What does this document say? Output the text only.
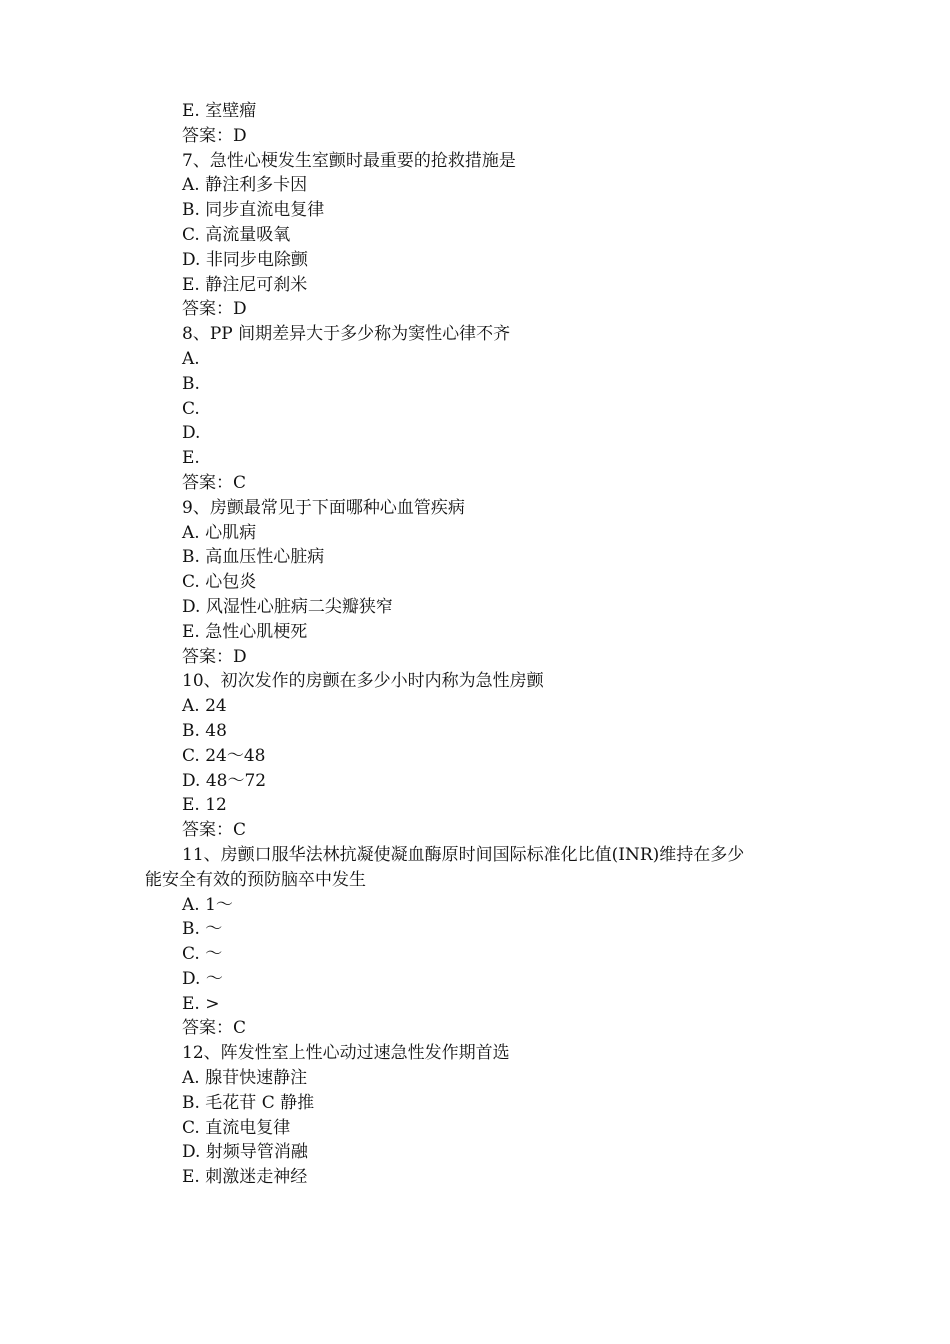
E. 室壁瘤
答案：D
7、急性心梗发生室颤时最重要的抢救措施是
A. 静注利多卡因
B. 同步直流电复律
C. 高流量吸氧
D. 非同步电除颤
E. 静注尼可刹米
答案：D
8、PP 间期差异大于多少称为窦性心律不齐
A.
B.
C.
D.
E.
答案：C
9、房颤最常见于下面哪种心血管疾病
A. 心肌病
B. 高血压性心脏病
C. 心包炎
D. 风湿性心脏病二尖瓣狭窄
E. 急性心肌梗死
答案：D
10、初次发作的房颤在多少小时内称为急性房颤
A. 24
B. 48
C. 24～48
D. 48～72
E. 12
答案：C
11、房颤口服华法林抗凝使凝血酶原时间国际标准化比值(INR)维持在多少
能安全有效的预防脑卒中发生
A. 1～
B. ～
C. ～
D. ～
E. >
答案：C
12、阵发性室上性心动过速急性发作期首选
A. 腺苷快速静注
B. 毛花苷 C 静推
C. 直流电复律
D. 射频导管消融
E. 刺激迷走神经
